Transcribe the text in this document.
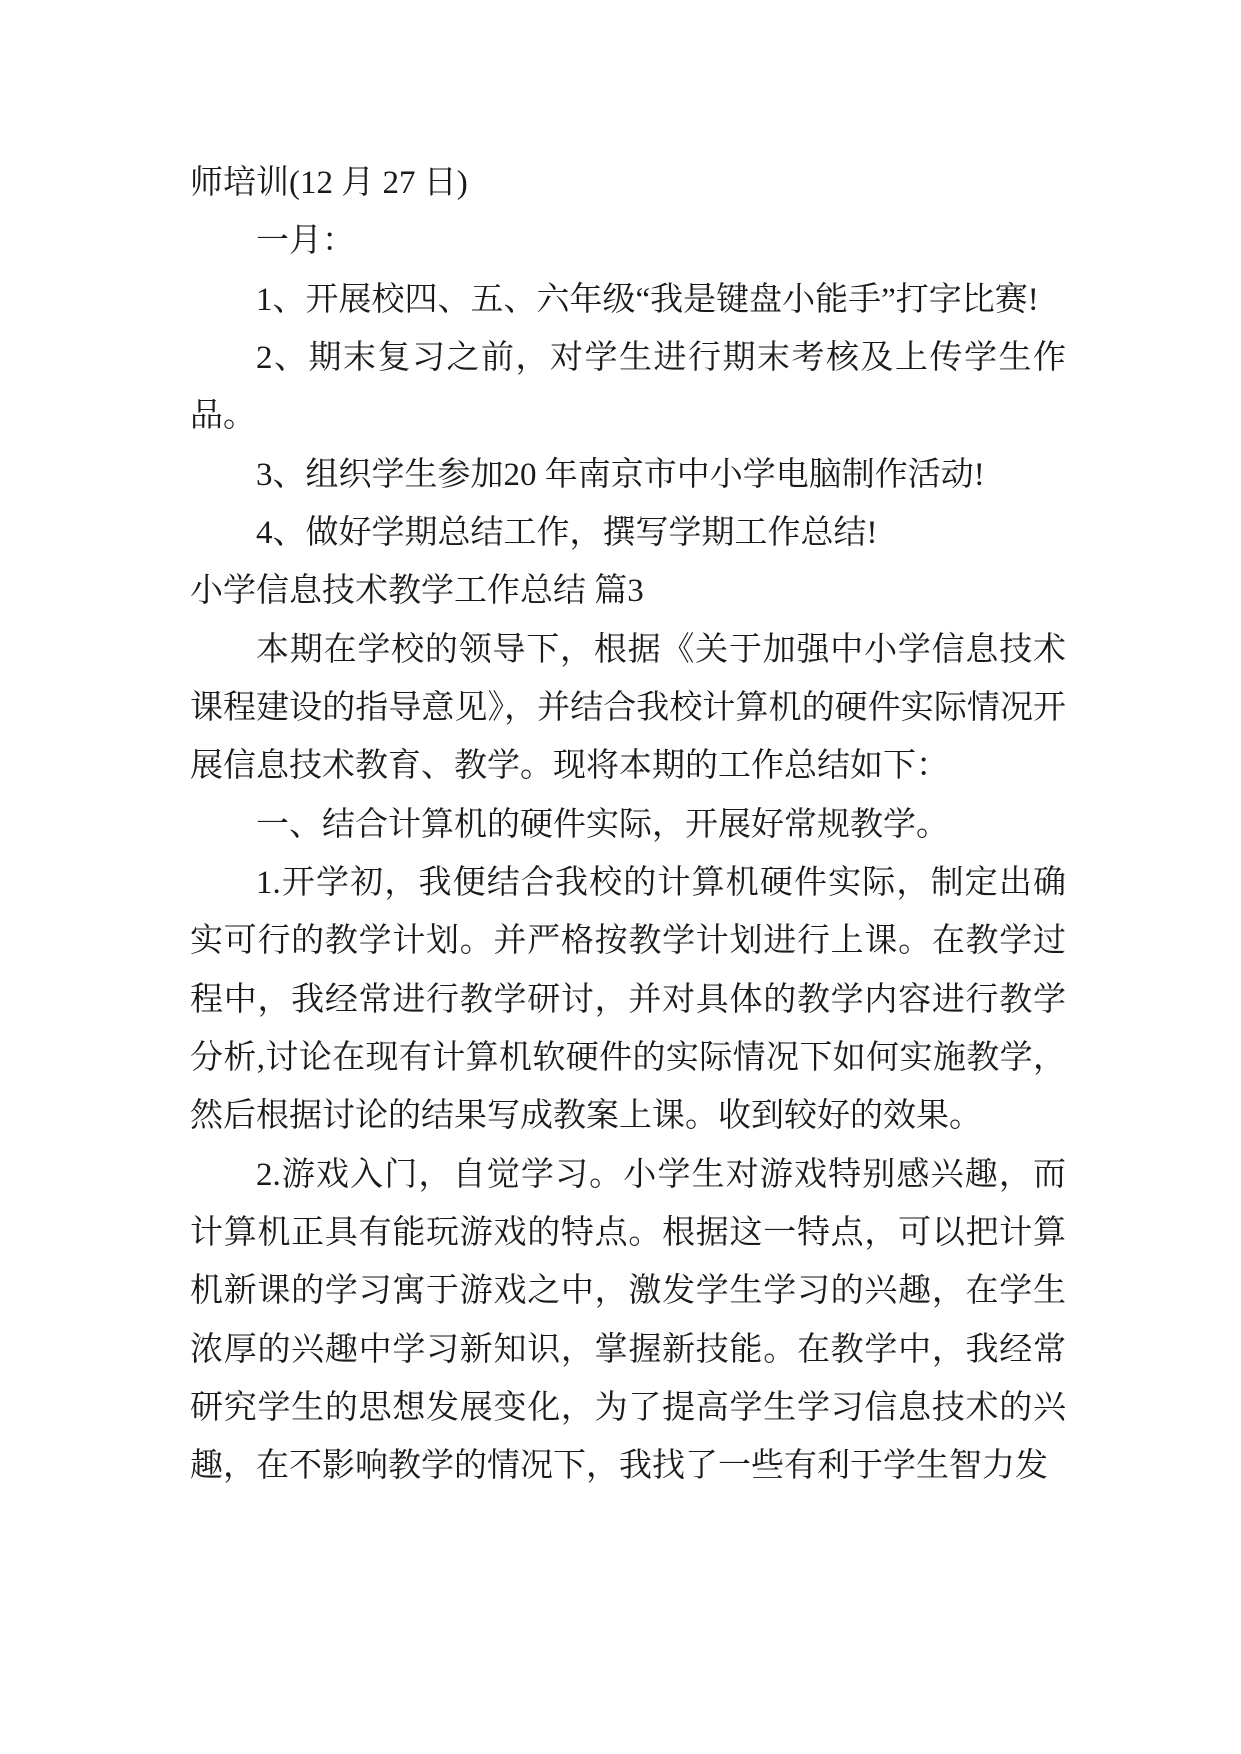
师培训(12 月 27 日)

一月：

1、开展校四、五、六年级“我是键盘小能手”打字比赛!

2、期末复习之前，对学生进行期末考核及上传学生作品。

3、组织学生参加20 年南京市中小学电脑制作活动!

4、做好学期总结工作，撰写学期工作总结!

小学信息技术教学工作总结 篇3

本期在学校的领导下，根据《关于加强中小学信息技术课程建设的指导意见》，并结合我校计算机的硬件实际情况开展信息技术教育、教学。现将本期的工作总结如下：

一、结合计算机的硬件实际，开展好常规教学。

1.开学初，我便结合我校的计算机硬件实际，制定出确实可行的教学计划。并严格按教学计划进行上课。在教学过程中，我经常进行教学研讨，并对具体的教学内容进行教学分析,讨论在现有计算机软硬件的实际情况下如何实施教学，然后根据讨论的结果写成教案上课。收到较好的效果。

2.游戏入门，自觉学习。小学生对游戏特别感兴趣，而计算机正具有能玩游戏的特点。根据这一特点，可以把计算机新课的学习寓于游戏之中，激发学生学习的兴趣，在学生浓厚的兴趣中学习新知识，掌握新技能。在教学中，我经常研究学生的思想发展变化，为了提高学生学习信息技术的兴趣，在不影响教学的情况下，我找了一些有利于学生智力发
